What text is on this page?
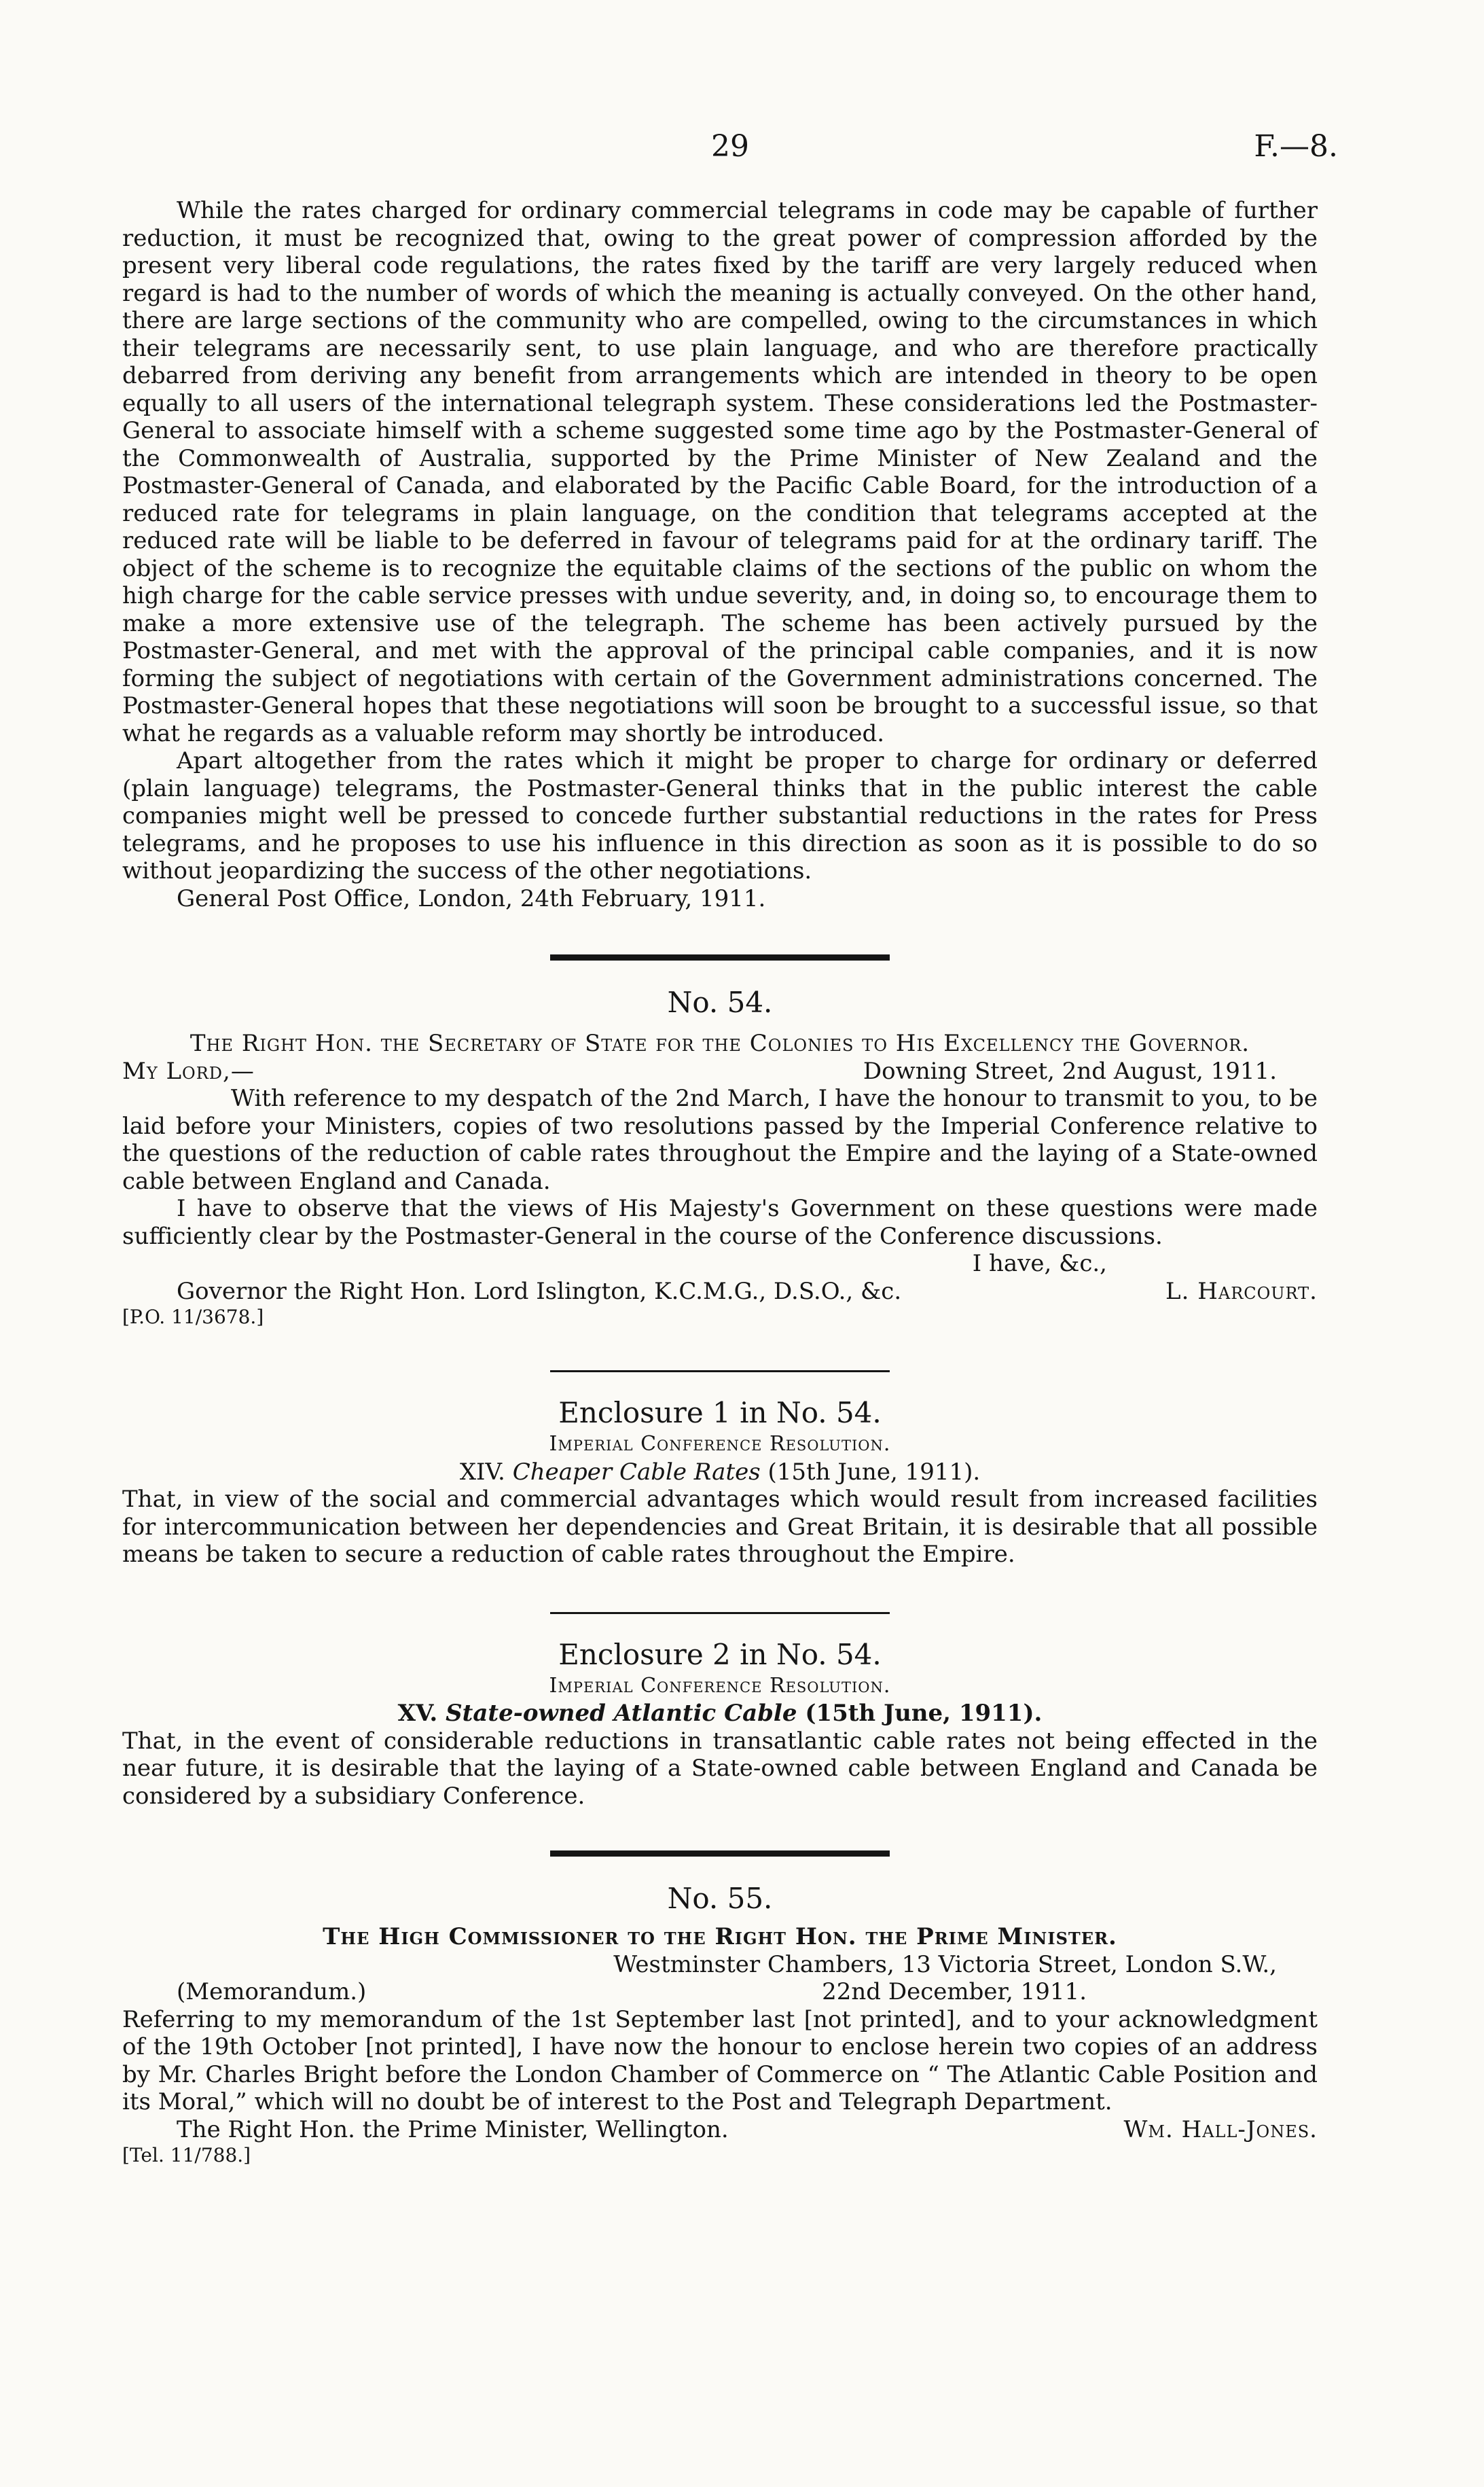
29	F.—8.

While the rates charged for ordinary commercial telegrams in code may be capable of further reduction, it must be recognized that, owing to the great power of compression afforded by the present very liberal code regulations, the rates fixed by the tariff are very largely reduced when regard is had to the number of words of which the meaning is actually conveyed. On the other hand, there are large sections of the community who are compelled, owing to the circumstances in which their telegrams are necessarily sent, to use plain language, and who are therefore practically debarred from deriving any benefit from arrangements which are intended in theory to be open equally to all users of the international telegraph system. These considerations led the Postmaster-General to associate himself with a scheme suggested some time ago by the Postmaster-General of the Commonwealth of Australia, supported by the Prime Minister of New Zealand and the Postmaster-General of Canada, and elaborated by the Pacific Cable Board, for the introduction of a reduced rate for telegrams in plain language, on the condition that telegrams accepted at the reduced rate will be liable to be deferred in favour of telegrams paid for at the ordinary tariff. The object of the scheme is to recognize the equitable claims of the sections of the public on whom the high charge for the cable service presses with undue severity, and, in doing so, to encourage them to make a more extensive use of the telegraph. The scheme has been actively pursued by the Postmaster-General, and met with the approval of the principal cable companies, and it is now forming the subject of negotiations with certain of the Government administrations concerned. The Postmaster-General hopes that these negotiations will soon be brought to a successful issue, so that what he regards as a valuable reform may shortly be introduced.

Apart altogether from the rates which it might be proper to charge for ordinary or deferred (plain language) telegrams, the Postmaster-General thinks that in the public interest the cable companies might well be pressed to concede further substantial reductions in the rates for Press telegrams, and he proposes to use his influence in this direction as soon as it is possible to do so without jeopardizing the success of the other negotiations.

General Post Office, London, 24th February, 1911.

No. 54.

The Right Hon. the Secretary of State for the Colonies to His Excellency the Governor.

My Lord,—	Downing Street, 2nd August, 1911.

With reference to my despatch of the 2nd March, I have the honour to transmit to you, to be laid before your Ministers, copies of two resolutions passed by the Imperial Conference relative to the questions of the reduction of cable rates throughout the Empire and the laying of a State-owned cable between England and Canada.

I have to observe that the views of His Majesty's Government on these questions were made sufficiently clear by the Postmaster-General in the course of the Conference discussions.

I have, &c.,
Governor the Right Hon. Lord Islington, K.C.M.G., D.S.O., &c.	L. Harcourt.

[P.O. 11/3678.]

Enclosure 1 in No. 54.

Imperial Conference Resolution.

XIV. Cheaper Cable Rates (15th June, 1911).

That, in view of the social and commercial advantages which would result from increased facilities for intercommunication between her dependencies and Great Britain, it is desirable that all possible means be taken to secure a reduction of cable rates throughout the Empire.

Enclosure 2 in No. 54.

Imperial Conference Resolution.

XV. State-owned Atlantic Cable (15th June, 1911).

That, in the event of considerable reductions in transatlantic cable rates not being effected in the near future, it is desirable that the laying of a State-owned cable between England and Canada be considered by a subsidiary Conference.

No. 55.

The High Commissioner to the Right Hon. the Prime Minister.

Westminster Chambers, 13 Victoria Street, London S.W.,
(Memorandum.)	22nd December, 1911.

Referring to my memorandum of the 1st September last [not printed], and to your acknowledgment of the 19th October [not printed], I have now the honour to enclose herein two copies of an address by Mr. Charles Bright before the London Chamber of Commerce on “ The Atlantic Cable Position and its Moral,” which will no doubt be of interest to the Post and Telegraph Department.

The Right Hon. the Prime Minister, Wellington.	Wm. Hall-Jones.

[Tel. 11/788.]
